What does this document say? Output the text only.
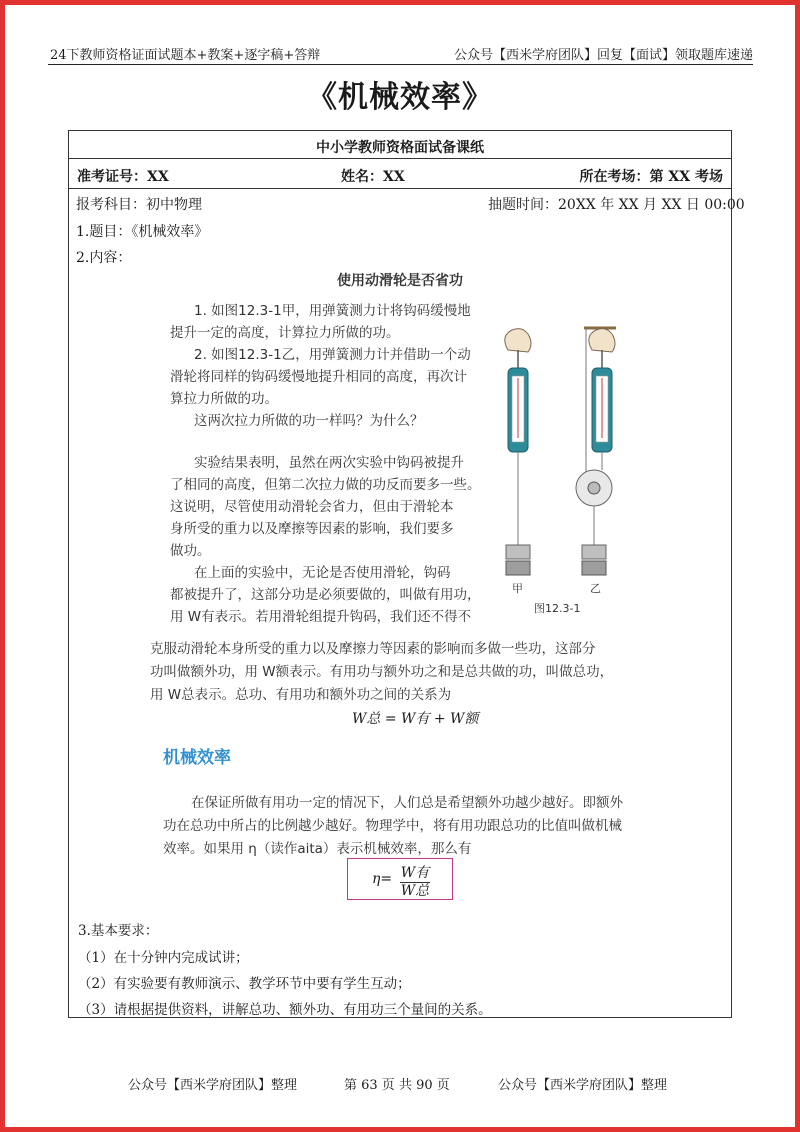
24下教师资格证面试题本+教案+逐字稿+答辩	公众号【西米学府团队】回复【面试】领取题库速递
《机械效率》
中小学教师资格面试备课纸
准考证号：XX	姓名：XX	所在考场：第 XX 考场
报考科目：初中物理	抽题时间：20XX 年 XX 月 XX 日 00:00
1.题目：《机械效率》
2.内容：
使用动滑轮是否省功

1. 如图12.3-1甲，用弹簧测力计将钩码缓慢地

提升一定的高度，计算拉力所做的功。

2. 如图12.3-1乙，用弹簧测力计并借助一个动

滑轮将同样的钩码缓慢地提升相同的高度，再次计

算拉力所做的功。

这两次拉力所做的功一样吗？为什么？

实验结果表明，虽然在两次实验中钩码被提升

了相同的高度，但第二次拉力做的功反而要多一些。

这说明，尽管使用动滑轮会省力，但由于滑轮本

身所受的重力以及摩擦等因素的影响，我们要多

做功。

在上面的实验中，无论是否使用滑轮，钩码

都被提升了，这部分功是必须要做的，叫做有用功，

用 W有表示。若用滑轮组提升钩码，我们还不得不

甲	乙
图12.3-1
克服动滑轮本身所受的重力以及摩擦力等因素的影响而多做一些功，这部分
功叫做额外功，用 W额表示。有用功与额外功之和是总共做的功，叫做总功，
用 W总表示。总功、有用功和额外功之间的关系为
W总 = W有 + W额
机械效率
在保证所做有用功一定的情况下，人们总是希望额外功越少越好。即额外
功在总功中所占的比例越少越好。物理学中，将有用功跟总功的比值叫做机械
效率。如果用 η（读作aita）表示机械效率，那么有
η= W有
W总
3.基本要求：
（1）在十分钟内完成试讲；
（2）有实验要有教师演示、教学环节中要有学生互动；
（3）请根据提供资料，讲解总功、额外功、有用功三个量间的关系。
公众号【西米学府团队】整理	第 63 页 共 90 页	公众号【西米学府团队】整理
